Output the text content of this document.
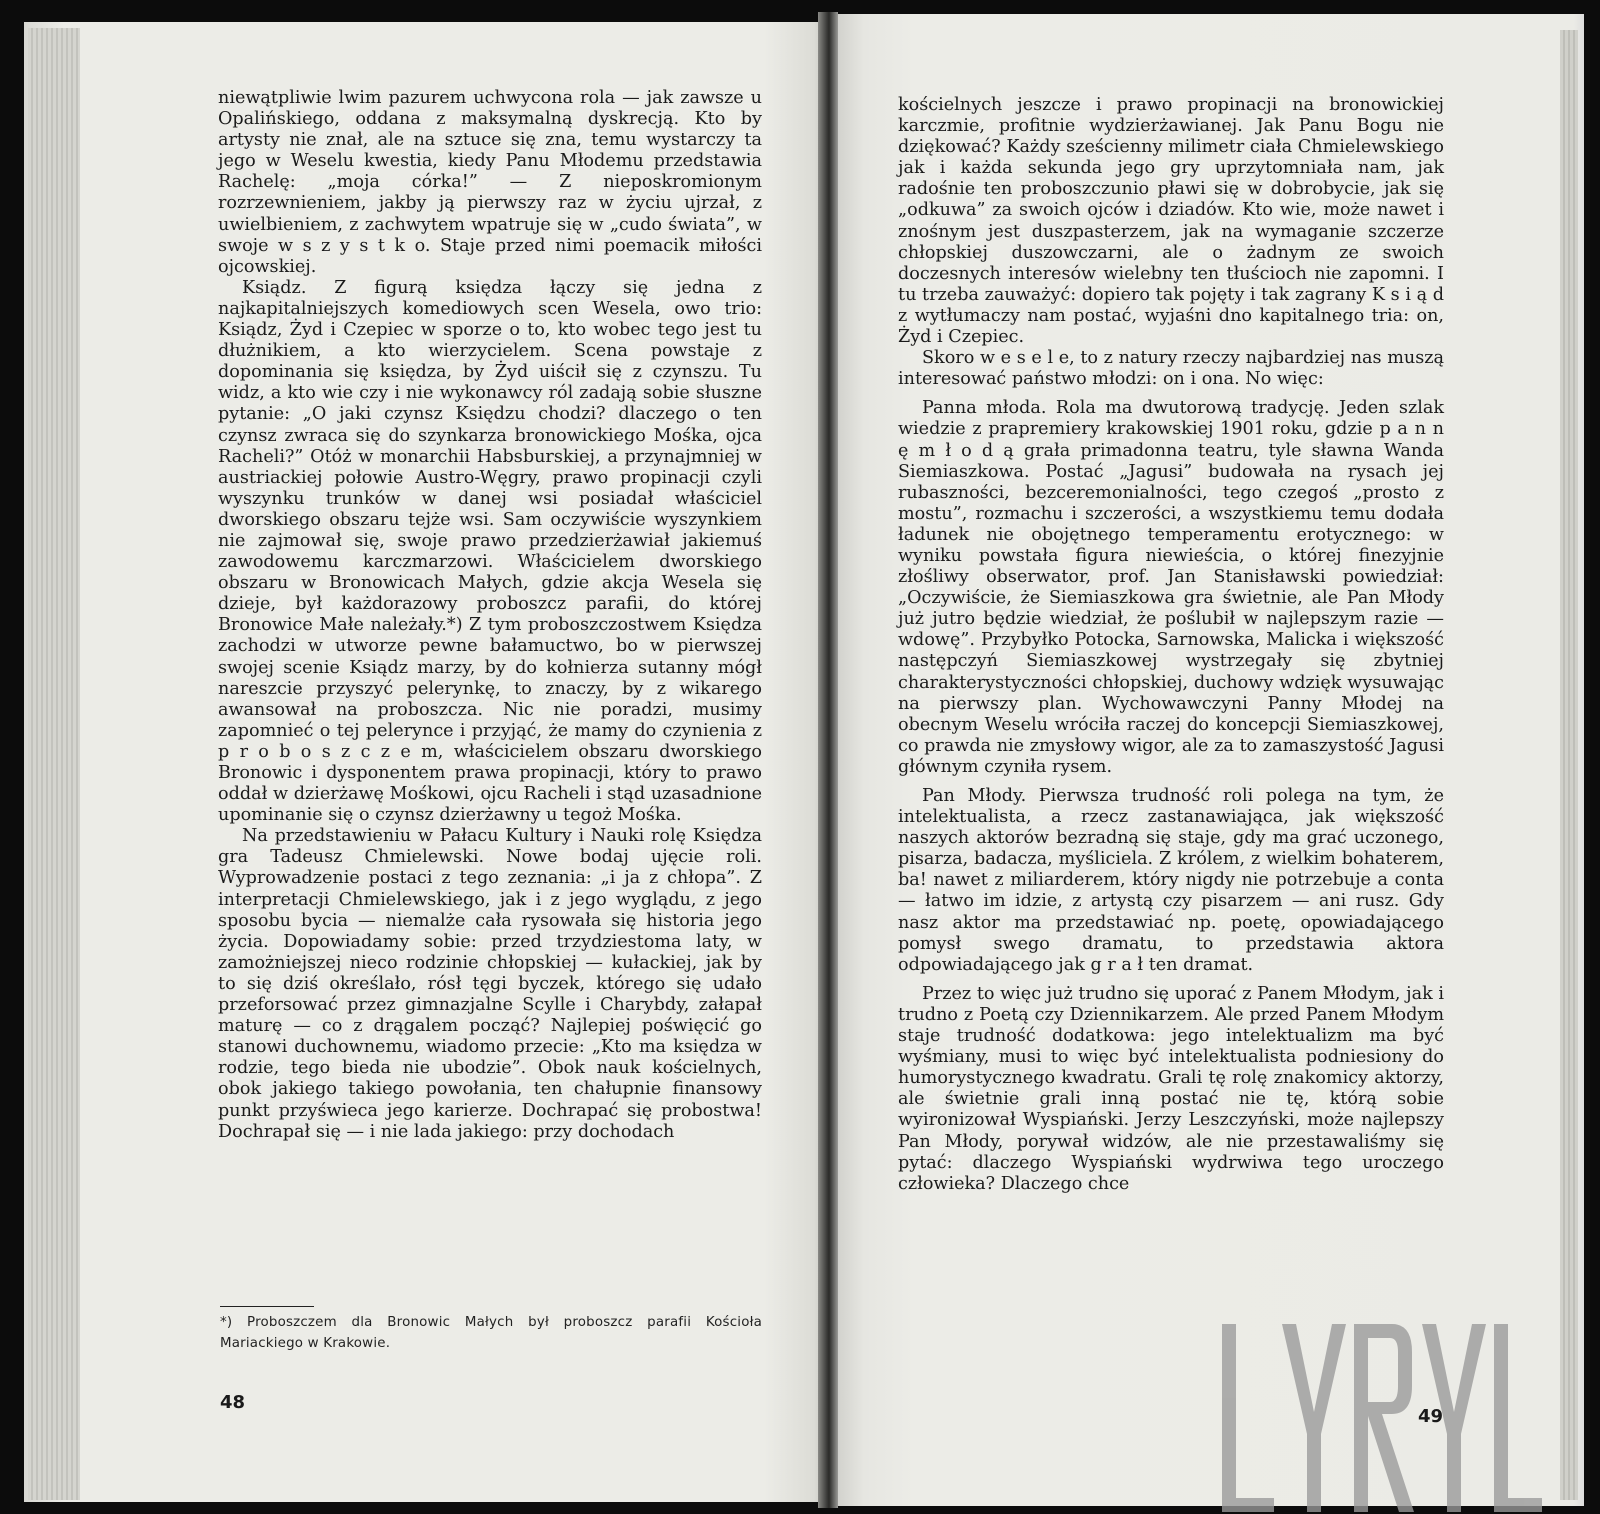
niewątpliwie lwim pazurem uchwycona rola — jak zawsze u Opalińskiego, oddana z maksymalną dyskrecją. Kto by artysty nie znał, ale na sztuce się zna, temu wystarczy ta jego w Weselu kwestia, kiedy Panu Młodemu przedstawia Rachelę: „moja córka!” — Z nieposkromionym rozrzewnieniem, jakby ją pierwszy raz w życiu ujrzał, z uwielbieniem, z zachwytem wpatruje się w „cudo świata”, w swoje w s z y s t k o. Staje przed nimi poemacik miłości ojcowskiej.

Ksiądz. Z figurą księdza łączy się jedna z najkapitalniejszych komediowych scen Wesela, owo trio: Ksiądz, Żyd i Czepiec w sporze o to, kto wobec tego jest tu dłużnikiem, a kto wierzycielem. Scena powstaje z dopominania się księdza, by Żyd uiścił się z czynszu. Tu widz, a kto wie czy i nie wykonawcy ról zadają sobie słuszne pytanie: „O jaki czynsz Księdzu chodzi? dlaczego o ten czynsz zwraca się do szynkarza bronowickiego Mośka, ojca Racheli?” Otóż w monarchii Habsburskiej, a przynajmniej w austriackiej połowie Austro-Węgry, prawo propinacji czyli wyszynku trunków w danej wsi posiadał właściciel dworskiego obszaru tejże wsi. Sam oczywiście wyszynkiem nie zajmował się, swoje prawo przedzierżawiał jakiemuś zawodowemu karczmarzowi. Właścicielem dworskiego obszaru w Bronowicach Małych, gdzie akcja Wesela się dzieje, był każdorazowy proboszcz parafii, do której Bronowice Małe należały.*) Z tym proboszczostwem Księdza zachodzi w utworze pewne bałamuctwo, bo w pierwszej swojej scenie Ksiądz marzy, by do kołnierza sutanny mógł nareszcie przyszyć pelerynkę, to znaczy, by z wikarego awansował na proboszcza. Nic nie poradzi, musimy zapomnieć o tej pelerynce i przyjąć, że mamy do czynienia z p r o b o s z c z e m, właścicielem obszaru dworskiego Bronowic i dysponentem prawa propinacji, który to prawo oddał w dzierżawę Mośkowi, ojcu Racheli i stąd uzasadnione upominanie się o czynsz dzierżawny u tegoż Mośka.

Na przedstawieniu w Pałacu Kultury i Nauki rolę Księdza gra Tadeusz Chmielewski. Nowe bodaj ujęcie roli. Wyprowadzenie postaci z tego zeznania: „i ja z chłopa”. Z interpretacji Chmielewskiego, jak i z jego wyglądu, z jego sposobu bycia — niemalże cała rysowała się historia jego życia. Dopowiadamy sobie: przed trzydziestoma laty, w zamożniejszej nieco rodzinie chłopskiej — kułackiej, jak by to się dziś określało, rósł tęgi byczek, którego się udało przeforsować przez gimnazjalne Scylle i Charybdy, załapał maturę — co z drągalem począć? Najlepiej poświęcić go stanowi duchownemu, wiadomo przecie: „Kto ma księdza w rodzie, tego bieda nie ubodzie”. Obok nauk kościelnych, obok jakiego takiego powołania, ten chałupnie finansowy punkt przyświeca jego karierze. Dochrapać się probostwa! Dochrapał się — i nie lada jakiego: przy dochodach

*) Proboszczem dla Bronowic Małych był proboszcz parafii Kościoła Mariackiego w Krakowie.
48

kościelnych jeszcze i prawo propinacji na bronowickiej karczmie, profitnie wydzierżawianej. Jak Panu Bogu nie dziękować? Każdy sześcienny milimetr ciała Chmielewskiego jak i każda sekunda jego gry uprzytomniała nam, jak radośnie ten proboszczunio pławi się w dobrobycie, jak się „odkuwa” za swoich ojców i dziadów. Kto wie, może nawet i znośnym jest duszpasterzem, jak na wymaganie szczerze chłopskiej duszowczarni, ale o żadnym ze swoich doczesnych interesów wielebny ten tłuścioch nie zapomni. I tu trzeba zauważyć: dopiero tak pojęty i tak zagrany K s i ą d z wytłumaczy nam postać, wyjaśni dno kapitalnego tria: on, Żyd i Czepiec.

Skoro w e s e l e, to z natury rzeczy najbardziej nas muszą interesować państwo młodzi: on i ona. No więc:

Panna młoda. Rola ma dwutorową tradycję. Jeden szlak wiedzie z prapremiery krakowskiej 1901 roku, gdzie p a n n ę m ł o d ą grała primadonna teatru, tyle sławna Wanda Siemiaszkowa. Postać „Jagusi” budowała na rysach jej rubaszności, bezceremonialności, tego czegoś „prosto z mostu”, rozmachu i szczerości, a wszystkiemu temu dodała ładunek nie obojętnego temperamentu erotycznego: w wyniku powstała figura niewieścia, o której finezyjnie złośliwy obserwator, prof. Jan Stanisławski powiedział: „Oczywiście, że Siemiaszkowa gra świetnie, ale Pan Młody już jutro będzie wiedział, że poślubił w najlepszym razie — wdowę”. Przybyłko Potocka, Sarnowska, Malicka i większość następczyń Siemiaszkowej wystrzegały się zbytniej charakterystyczności chłopskiej, duchowy wdzięk wysuwając na pierwszy plan. Wychowawczyni Panny Młodej na obecnym Weselu wróciła raczej do koncepcji Siemiaszkowej, co prawda nie zmysłowy wigor, ale za to zamaszystość Jagusi głównym czyniła rysem.

Pan Młody. Pierwsza trudność roli polega na tym, że intelektualista, a rzecz zastanawiająca, jak większość naszych aktorów bezradną się staje, gdy ma grać uczonego, pisarza, badacza, myśliciela. Z królem, z wielkim bohaterem, ba! nawet z miliarderem, który nigdy nie potrzebuje a conta — łatwo im idzie, z artystą czy pisarzem — ani rusz. Gdy nasz aktor ma przedstawiać np. poetę, opowiadającego pomysł swego dramatu, to przedstawia aktora odpowiadającego jak g r a ł ten dramat.

Przez to więc już trudno się uporać z Panem Młodym, jak i trudno z Poetą czy Dziennikarzem. Ale przed Panem Młodym staje trudność dodatkowa: jego intelektualizm ma być wyśmiany, musi to więc być intelektualista podniesiony do humorystycznego kwadratu. Grali tę rolę znakomicy aktorzy, ale świetnie grali inną postać nie tę, którą sobie wyironizował Wyspiański. Jerzy Leszczyński, może najlepszy Pan Młody, porywał widzów, ale nie przestawaliśmy się pytać: dlaczego Wyspiański wydrwiwa tego uroczego człowieka? Dlaczego chce

49
